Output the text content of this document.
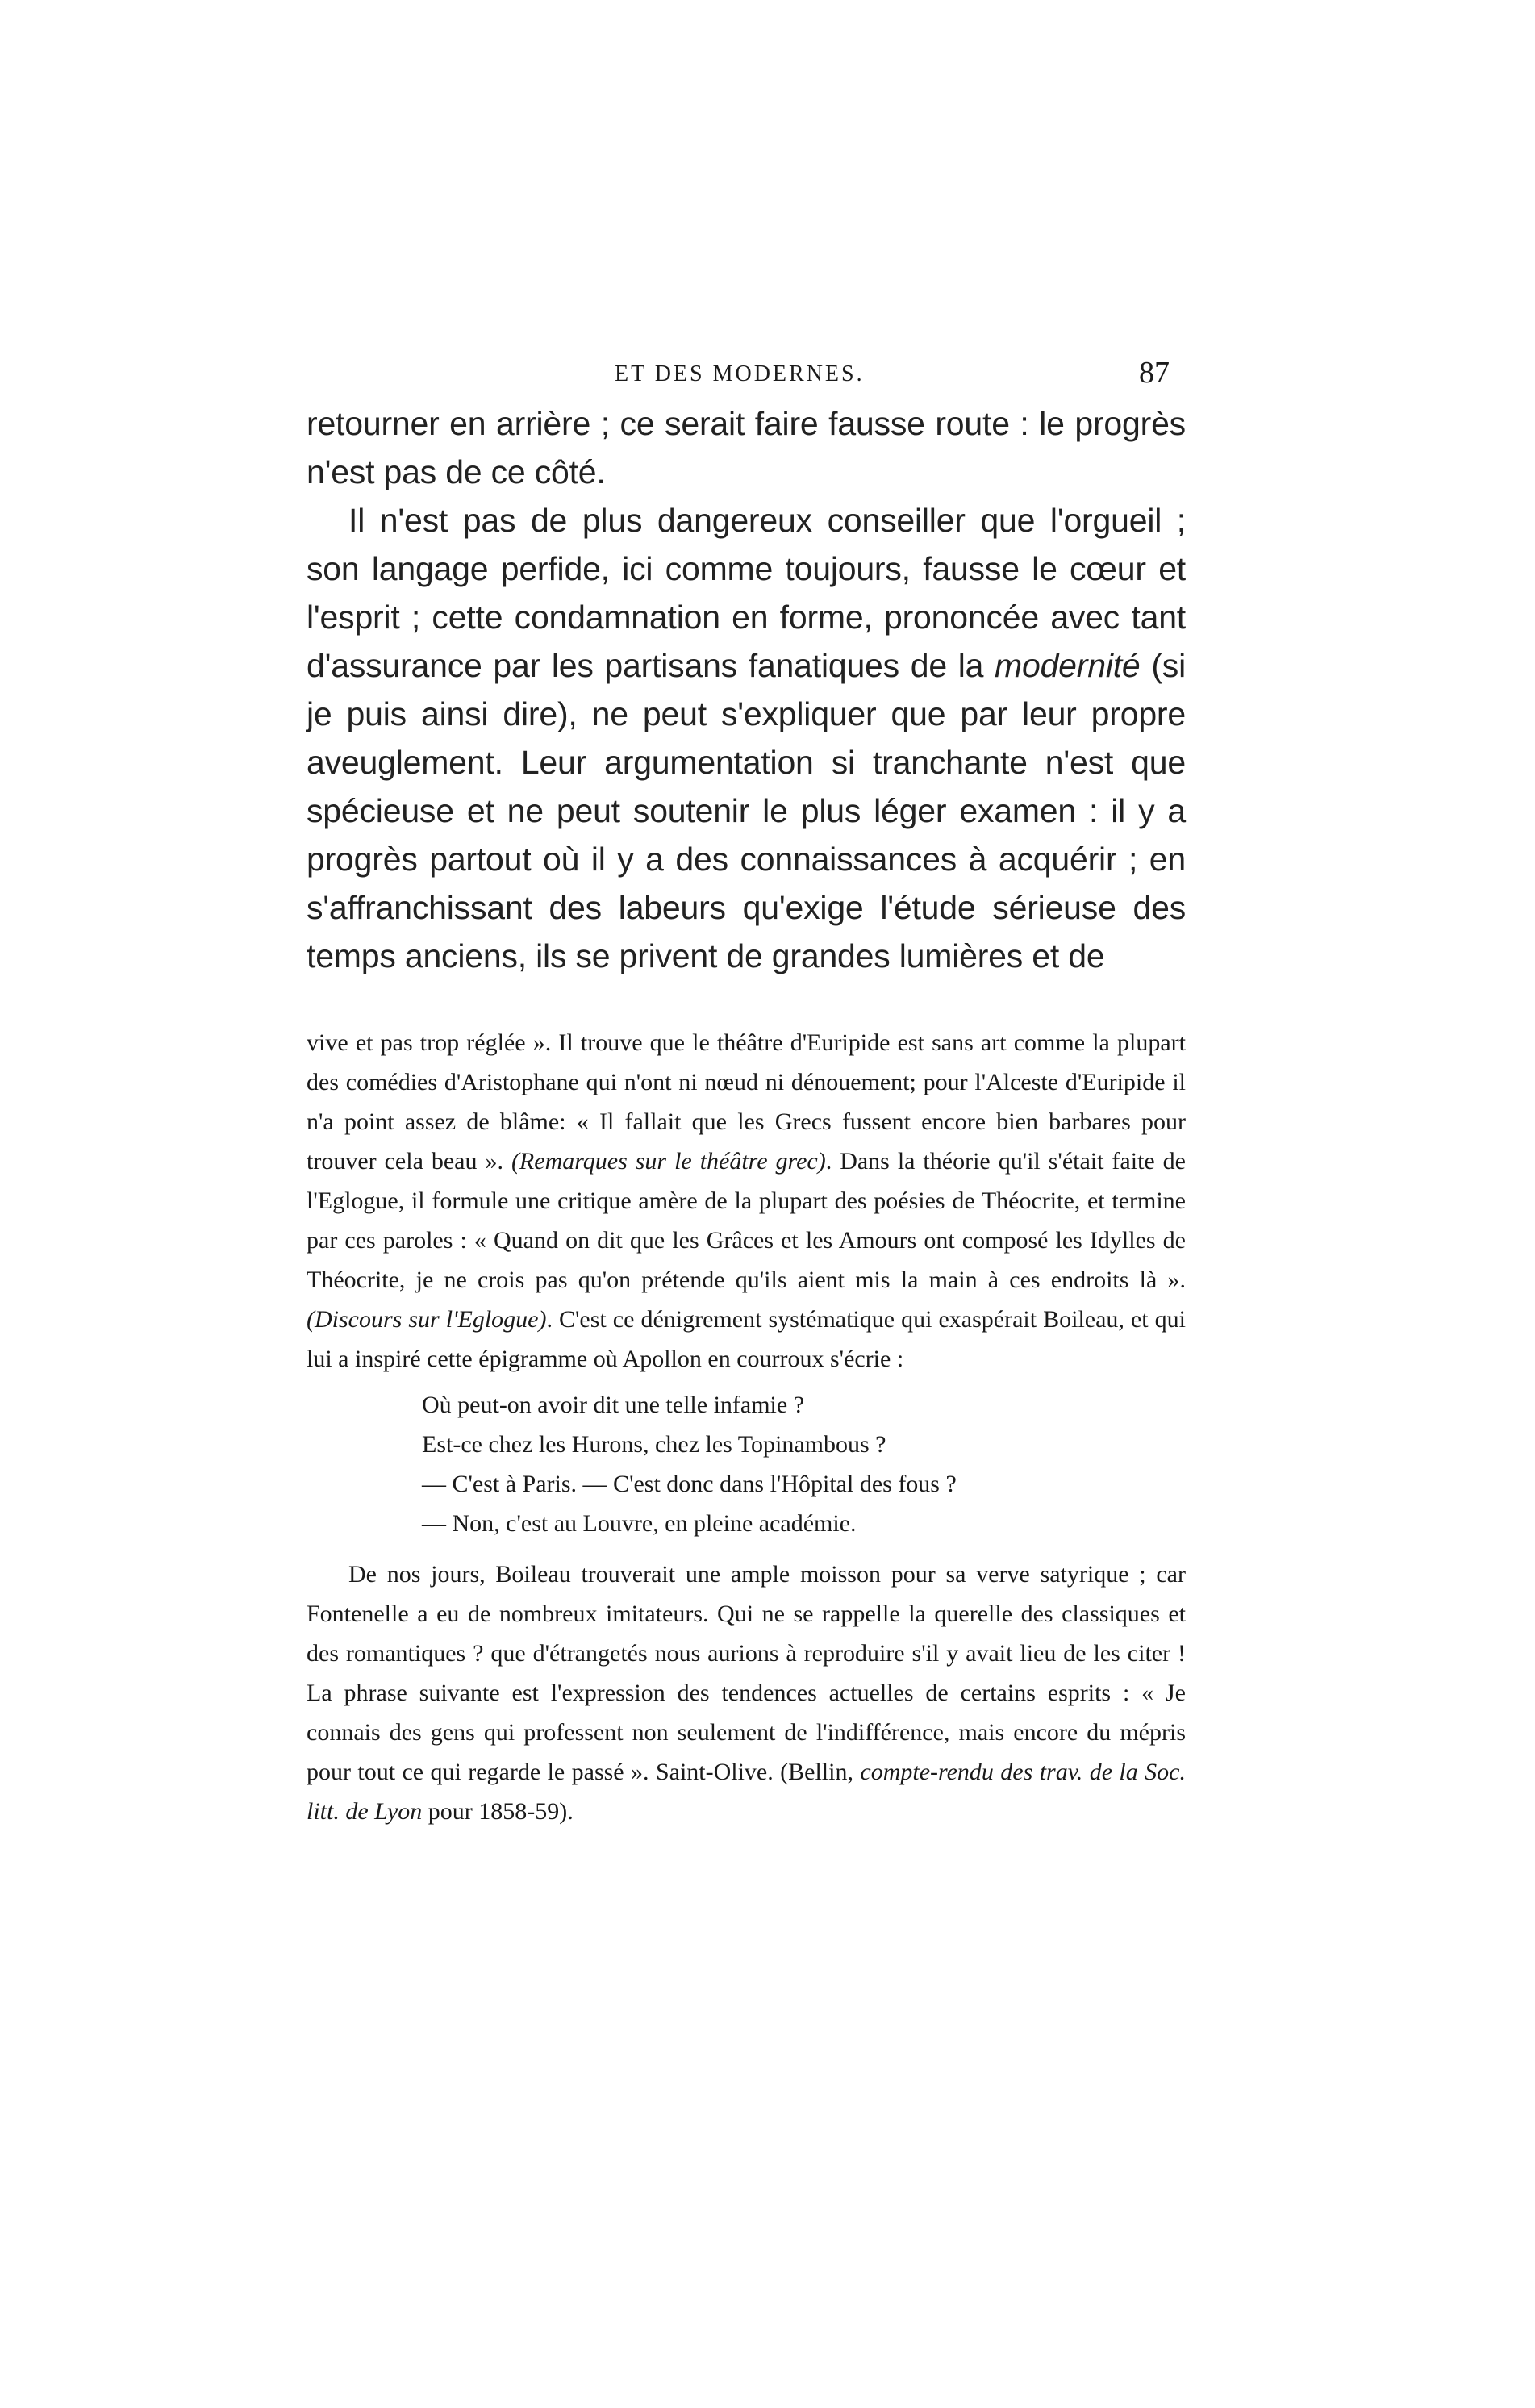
ET DES MODERNES.	87

retourner en arrière ; ce serait faire fausse route : le progrès n'est pas de ce côté.

Il n'est pas de plus dangereux conseiller que l'orgueil ; son langage perfide, ici comme toujours, fausse le cœur et l'esprit ; cette condamnation en forme, prononcée avec tant d'assurance par les partisans fanatiques de la modernité (si je puis ainsi dire), ne peut s'expliquer que par leur propre aveuglement. Leur argumentation si tranchante n'est que spécieuse et ne peut soutenir le plus léger examen : il y a progrès partout où il y a des connaissances à acquérir ; en s'affranchissant des labeurs qu'exige l'étude sérieuse des temps anciens, ils se privent de grandes lumières et de

vive et pas trop réglée ». Il trouve que le théâtre d'Euripide est sans art comme la plupart des comédies d'Aristophane qui n'ont ni nœud ni dénouement; pour l'Alceste d'Euripide il n'a point assez de blâme: « Il fallait que les Grecs fussent encore bien barbares pour trouver cela beau ». (Remarques sur le théâtre grec). Dans la théorie qu'il s'était faite de l'Eglogue, il formule une critique amère de la plupart des poésies de Théocrite, et termine par ces paroles : « Quand on dit que les Grâces et les Amours ont composé les Idylles de Théocrite, je ne crois pas qu'on prétende qu'ils aient mis la main à ces endroits là ». (Discours sur l'Eglogue). C'est ce dénigrement systématique qui exaspérait Boileau, et qui lui a inspiré cette épigramme où Apollon en courroux s'écrie :

Où peut-on avoir dit une telle infamie ?
Est-ce chez les Hurons, chez les Topinambous ?
— C'est à Paris. — C'est donc dans l'Hôpital des fous ?
— Non, c'est au Louvre, en pleine académie.

De nos jours, Boileau trouverait une ample moisson pour sa verve satyrique ; car Fontenelle a eu de nombreux imitateurs. Qui ne se rappelle la querelle des classiques et des romantiques ? que d'étrangetés nous aurions à reproduire s'il y avait lieu de les citer ! La phrase suivante est l'expression des tendences actuelles de certains esprits : « Je connais des gens qui professent non seulement de l'indifférence, mais encore du mépris pour tout ce qui regarde le passé ». Saint-Olive. (Bellin, compte-rendu des trav. de la Soc. litt. de Lyon pour 1858-59).
